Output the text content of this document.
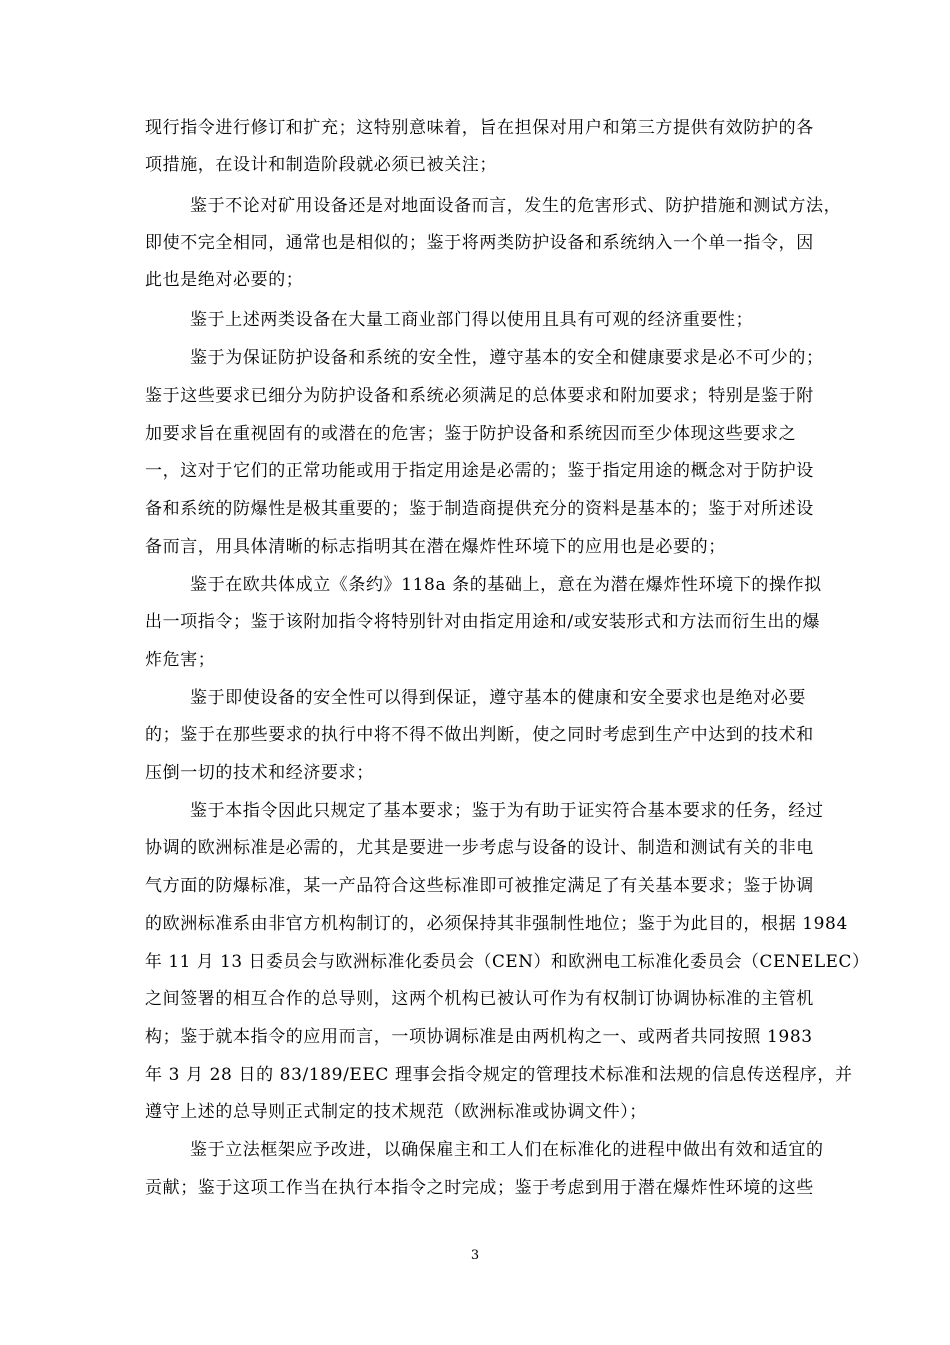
现行指令进行修订和扩充；这特别意味着，旨在担保对用户和第三方提供有效防护的各
项措施，在设计和制造阶段就必须已被关注；
鉴于不论对矿用设备还是对地面设备而言，发生的危害形式、防护措施和测试方法，
即使不完全相同，通常也是相似的；鉴于将两类防护设备和系统纳入一个单一指令，因
此也是绝对必要的；
鉴于上述两类设备在大量工商业部门得以使用且具有可观的经济重要性；
鉴于为保证防护设备和系统的安全性，遵守基本的安全和健康要求是必不可少的；
鉴于这些要求已细分为防护设备和系统必须满足的总体要求和附加要求；特别是鉴于附
加要求旨在重视固有的或潜在的危害；鉴于防护设备和系统因而至少体现这些要求之
一，这对于它们的正常功能或用于指定用途是必需的；鉴于指定用途的概念对于防护设
备和系统的防爆性是极其重要的；鉴于制造商提供充分的资料是基本的；鉴于对所述设
备而言，用具体清晰的标志指明其在潜在爆炸性环境下的应用也是必要的；
鉴于在欧共体成立《条约》118a 条的基础上，意在为潜在爆炸性环境下的操作拟
出一项指令；鉴于该附加指令将特别针对由指定用途和/或安装形式和方法而衍生出的爆
炸危害；
鉴于即使设备的安全性可以得到保证，遵守基本的健康和安全要求也是绝对必要
的；鉴于在那些要求的执行中将不得不做出判断，使之同时考虑到生产中达到的技术和
压倒一切的技术和经济要求；
鉴于本指令因此只规定了基本要求；鉴于为有助于证实符合基本要求的任务，经过
协调的欧洲标准是必需的，尤其是要进一步考虑与设备的设计、制造和测试有关的非电
气方面的防爆标准，某一产品符合这些标准即可被推定满足了有关基本要求；鉴于协调
的欧洲标准系由非官方机构制订的，必须保持其非强制性地位；鉴于为此目的，根据 1984
年 11 月 13 日委员会与欧洲标准化委员会（CEN）和欧洲电工标准化委员会（CENELEC）
之间签署的相互合作的总导则，这两个机构已被认可作为有权制订协调协标准的主管机
构；鉴于就本指令的应用而言，一项协调标准是由两机构之一、或两者共同按照 1983
年 3 月 28 日的 83/189/EEC 理事会指令规定的管理技术标准和法规的信息传送程序，并
遵守上述的总导则正式制定的技术规范（欧洲标准或协调文件）；
鉴于立法框架应予改进，以确保雇主和工人们在标准化的进程中做出有效和适宜的
贡献；鉴于这项工作当在执行本指令之时完成；鉴于考虑到用于潜在爆炸性环境的这些
3
